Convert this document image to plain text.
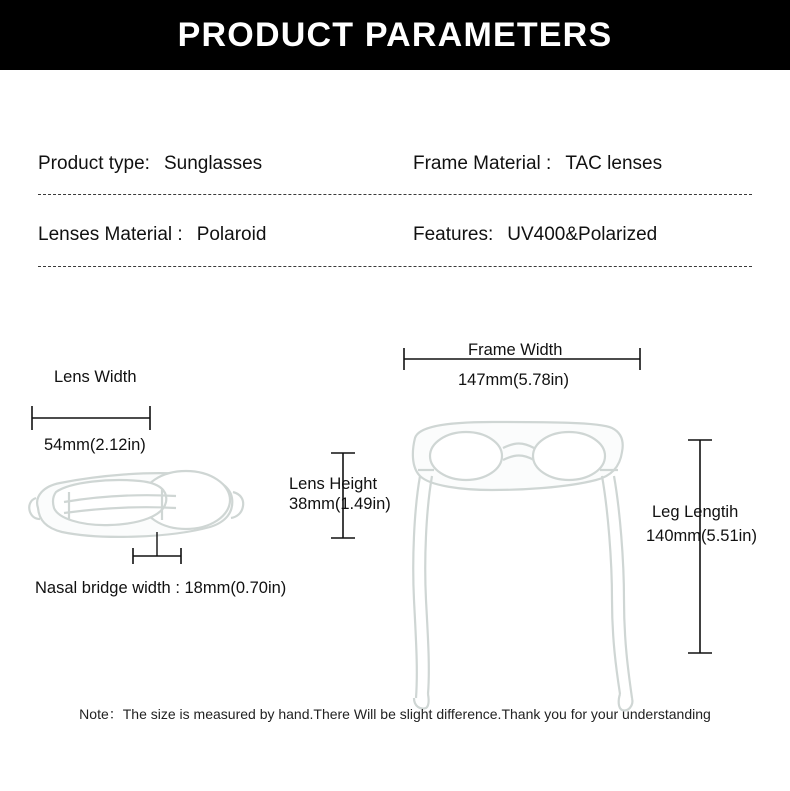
PRODUCT PARAMETERS
Product type: Sunglasses	Frame Material : TAC lenses
Lenses Material : Polaroid	Features: UV400&Polarized
Lens Width
54mm(2.12in)
Nasal bridge width : 18mm(0.70in)
Lens Height
38mm(1.49in)
Frame Width
147mm(5.78in)
Leg Lengtih
140mm(5.51in)
Note：The size is measured by hand.There Will be slight difference.Thank you for your understanding
